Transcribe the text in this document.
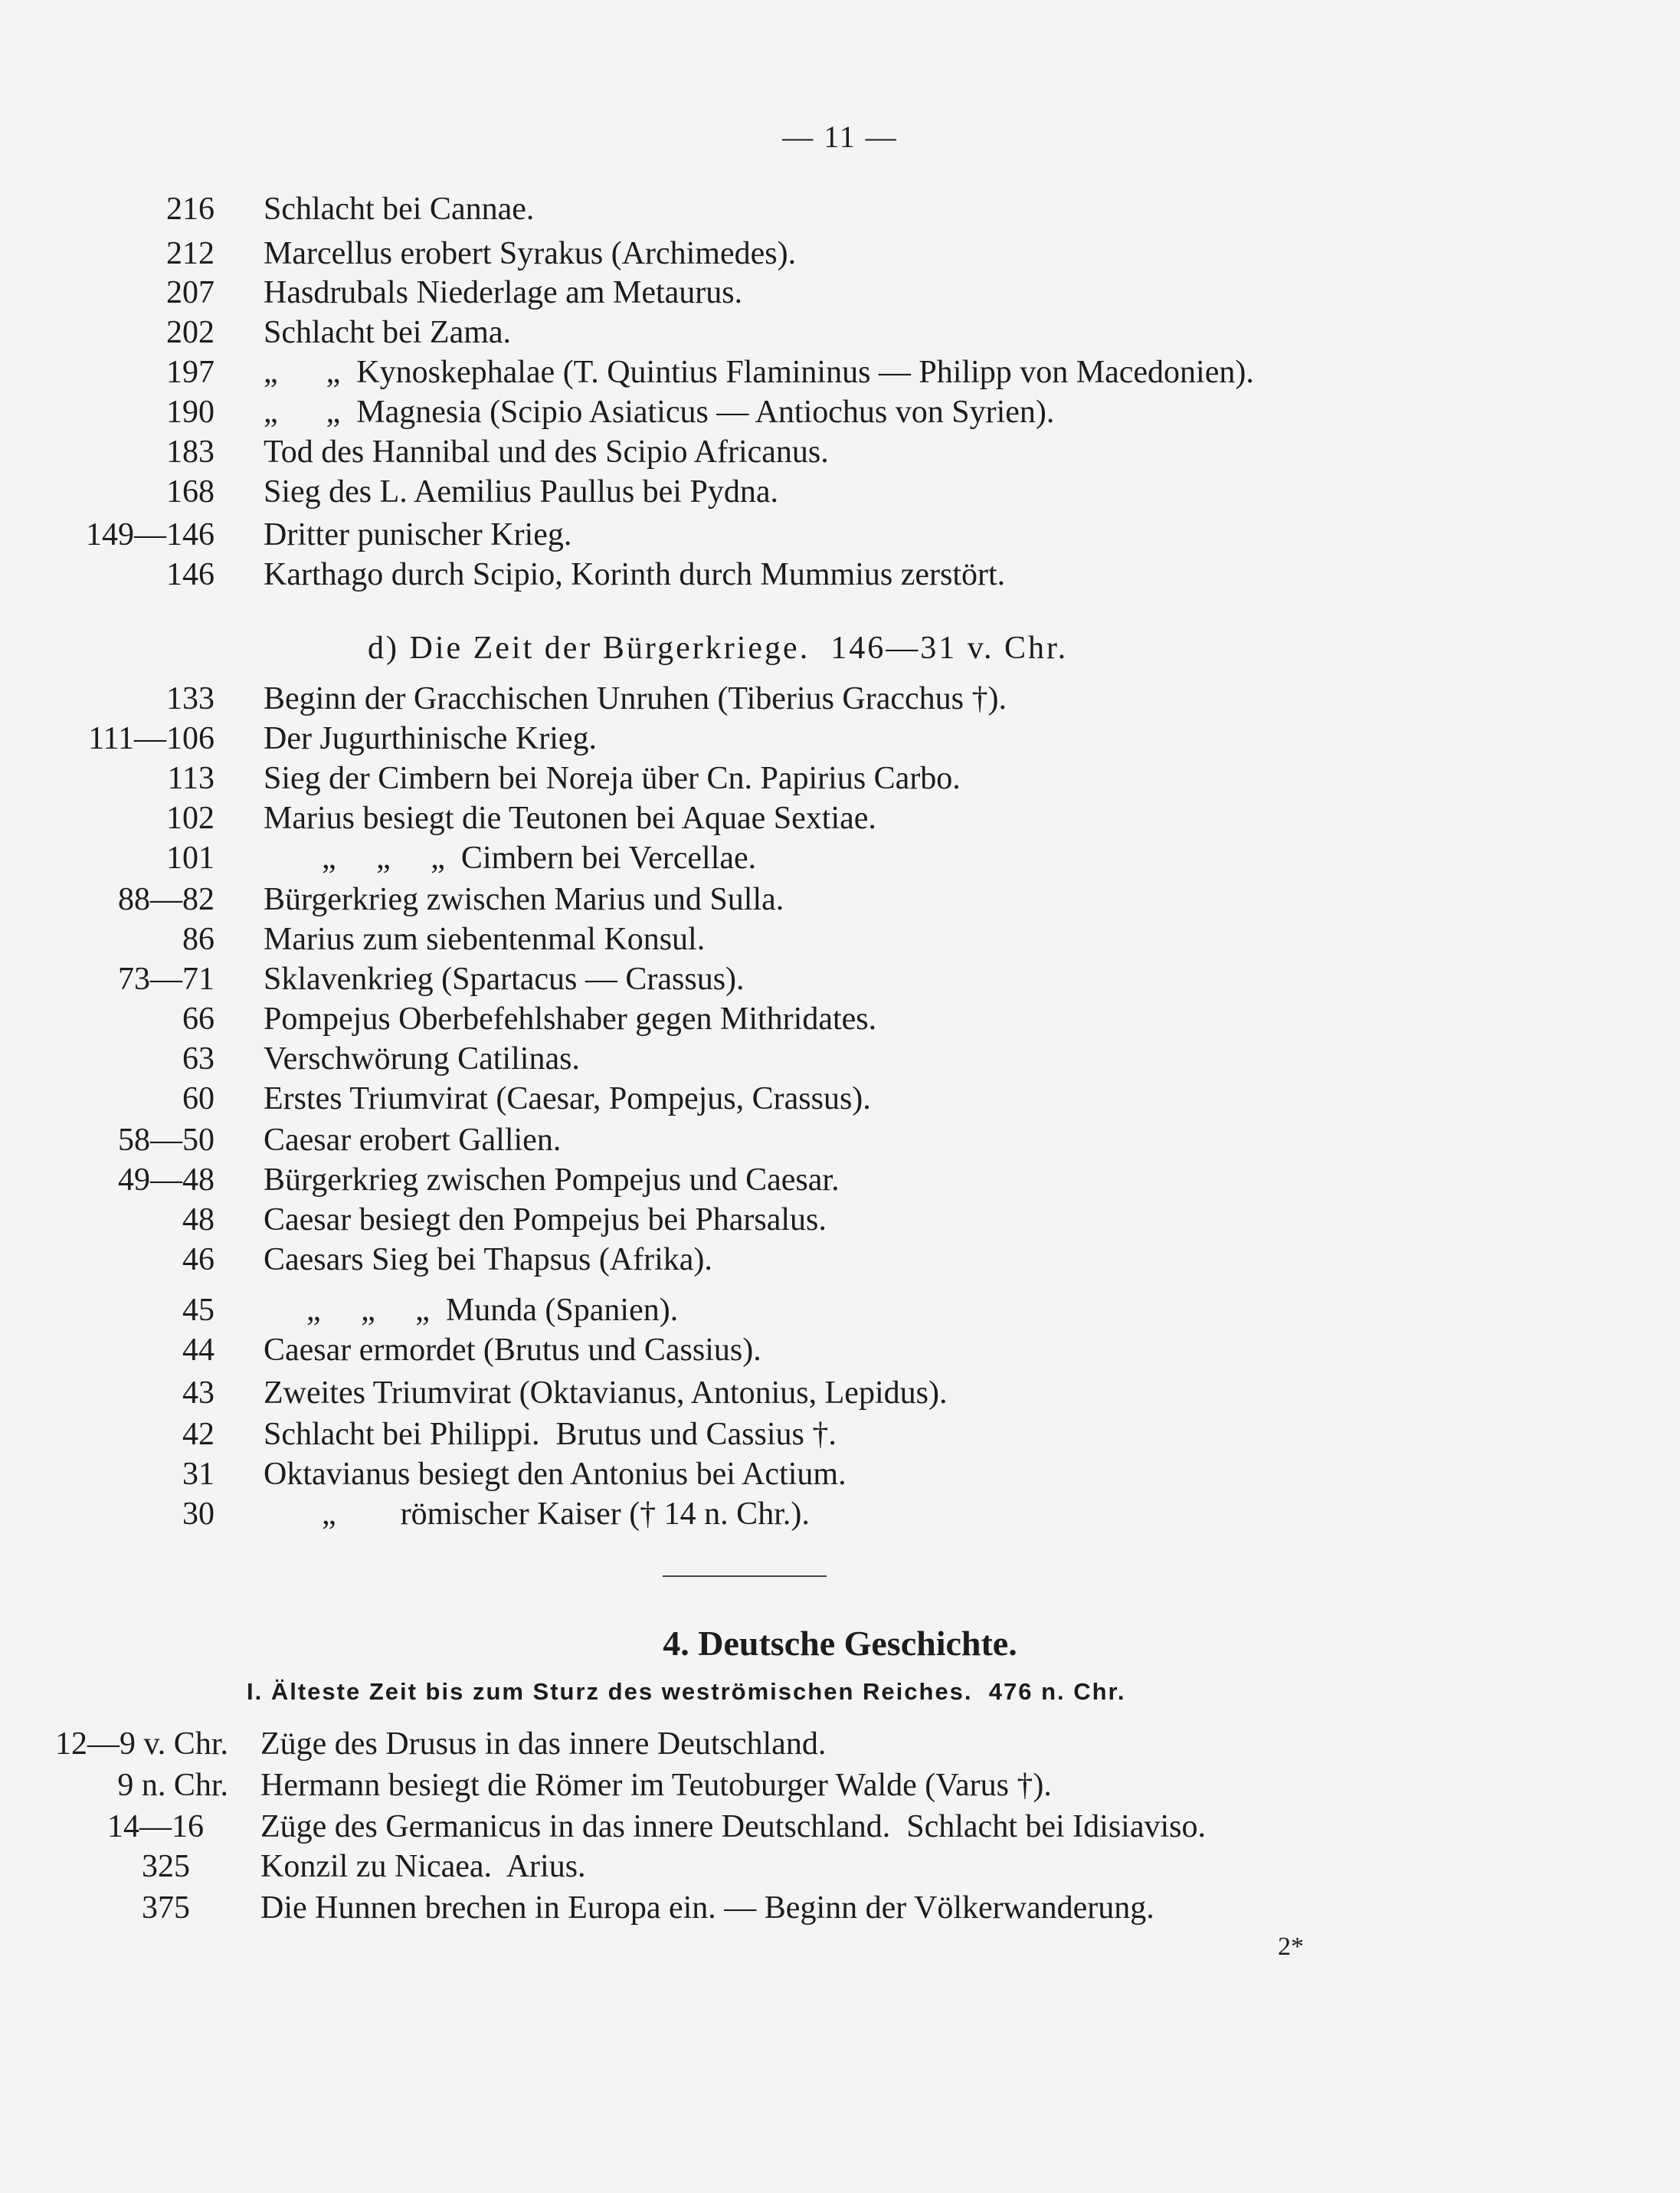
— 11 —
216 Schlacht bei Cannae.
212 Marcellus erobert Syrakus (Archimedes).
207 Hasdrubals Niederlage am Metaurus.
202 Schlacht bei Zama.
197 „      „  Kynoskephalae (T. Quintius Flamininus — Philipp von Macedonien).
190 „      „  Magnesia (Scipio Asiaticus — Antiochus von Syrien).
183 Tod des Hannibal und des Scipio Africanus.
168 Sieg des L. Aemilius Paullus bei Pydna.
149—146 Dritter punischer Krieg.
146 Karthago durch Scipio, Korinth durch Mummius zerstört.
d) Die Zeit der Bürgerkriege.  146—31 v. Chr.
133 Beginn der Gracchischen Unruhen (Tiberius Gracchus †).
111—106 Der Jugurthinische Krieg.
113 Sieg der Cimbern bei Noreja über Cn. Papirius Carbo.
102 Marius besiegt die Teutonen bei Aquae Sextiae.
101	„     „     „  Cimbern bei Vercellae.
88—82 Bürgerkrieg zwischen Marius und Sulla.
86 Marius zum siebentenmal Konsul.
73—71 Sklavenkrieg (Spartacus — Crassus).
66 Pompejus Oberbefehlshaber gegen Mithridates.
63 Verschwörung Catilinas.
60 Erstes Triumvirat (Caesar, Pompejus, Crassus).
58—50 Caesar erobert Gallien.
49—48 Bürgerkrieg zwischen Pompejus und Caesar.
48 Caesar besiegt den Pompejus bei Pharsalus.
46 Caesars Sieg bei Thapsus (Afrika).
45	„     „     „  Munda (Spanien).
44 Caesar ermordet (Brutus und Cassius).
43 Zweites Triumvirat (Oktavianus, Antonius, Lepidus).
42 Schlacht bei Philippi.  Brutus und Cassius †.
31 Oktavianus besiegt den Antonius bei Actium.
30	„        römischer Kaiser († 14 n. Chr.).
4. Deutsche Geschichte.
I. Älteste Zeit bis zum Sturz des weströmischen Reiches.  476 n. Chr.
12—9 v. Chr. Züge des Drusus in das innere Deutschland.
9 n. Chr. Hermann besiegt die Römer im Teutoburger Walde (Varus †).
14—16 Züge des Germanicus in das innere Deutschland.  Schlacht bei Idisiaviso.
325 Konzil zu Nicaea.  Arius.
375 Die Hunnen brechen in Europa ein. — Beginn der Völkerwanderung.
2*
